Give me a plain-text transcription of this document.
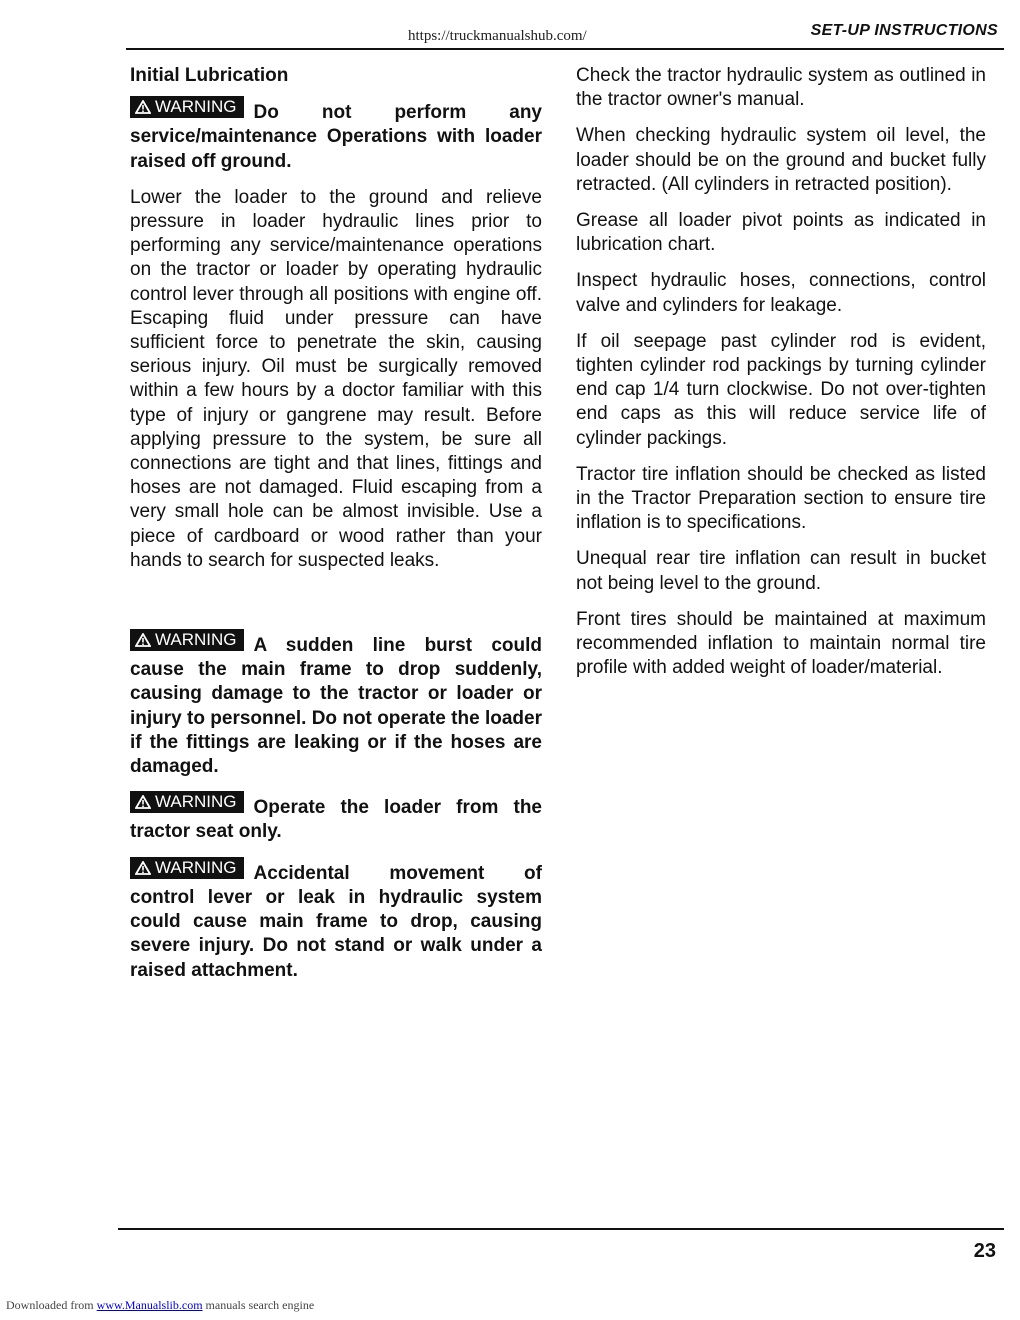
https://truckmanualshub.com/	SET-UP INSTRUCTIONS
Initial Lubrication

WARNING Do not perform any service/maintenance Operations with loader raised off ground.

Lower the loader to the ground and relieve pressure in loader hydraulic lines prior to performing any service/maintenance operations on the tractor or loader by operating hydraulic control lever through all positions with engine off. Escaping fluid under pressure can have sufficient force to penetrate the skin, causing serious injury. Oil must be surgically removed within a few hours by a doctor familiar with this type of injury or gangrene may result. Before applying pressure to the system, be sure all connections are tight and that lines, fittings and hoses are not damaged. Fluid escaping from a very small hole can be almost invisible. Use a piece of cardboard or wood rather than your hands to search for suspected leaks.

WARNING A sudden line burst could cause the main frame to drop suddenly, causing damage to the tractor or loader or injury to personnel. Do not operate the loader if the fittings are leaking or if the hoses are damaged.

WARNING Operate the loader from the tractor seat only.

WARNING Accidental movement of control lever or leak in hydraulic system could cause main frame to drop, causing severe injury. Do not stand or walk under a raised attachment.

Check the tractor hydraulic system as outlined in the tractor owner's manual.

When checking hydraulic system oil level, the loader should be on the ground and bucket fully retracted. (All cylinders in retracted position).

Grease all loader pivot points as indicated in lubrication chart.

Inspect hydraulic hoses, connections, control valve and cylinders for leakage.

If oil seepage past cylinder rod is evident, tighten cylinder rod packings by turning cylinder end cap 1/4 turn clockwise. Do not over-tighten end caps as this will reduce service life of cylinder packings.

Tractor tire inflation should be checked as listed in the Tractor Preparation section to ensure tire inflation is to specifications.

Unequal rear tire inflation can result in bucket not being level to the ground.

Front tires should be maintained at maximum recommended inflation to maintain normal tire profile with added weight of loader/material.

23
Downloaded from www.Manualslib.com manuals search engine
